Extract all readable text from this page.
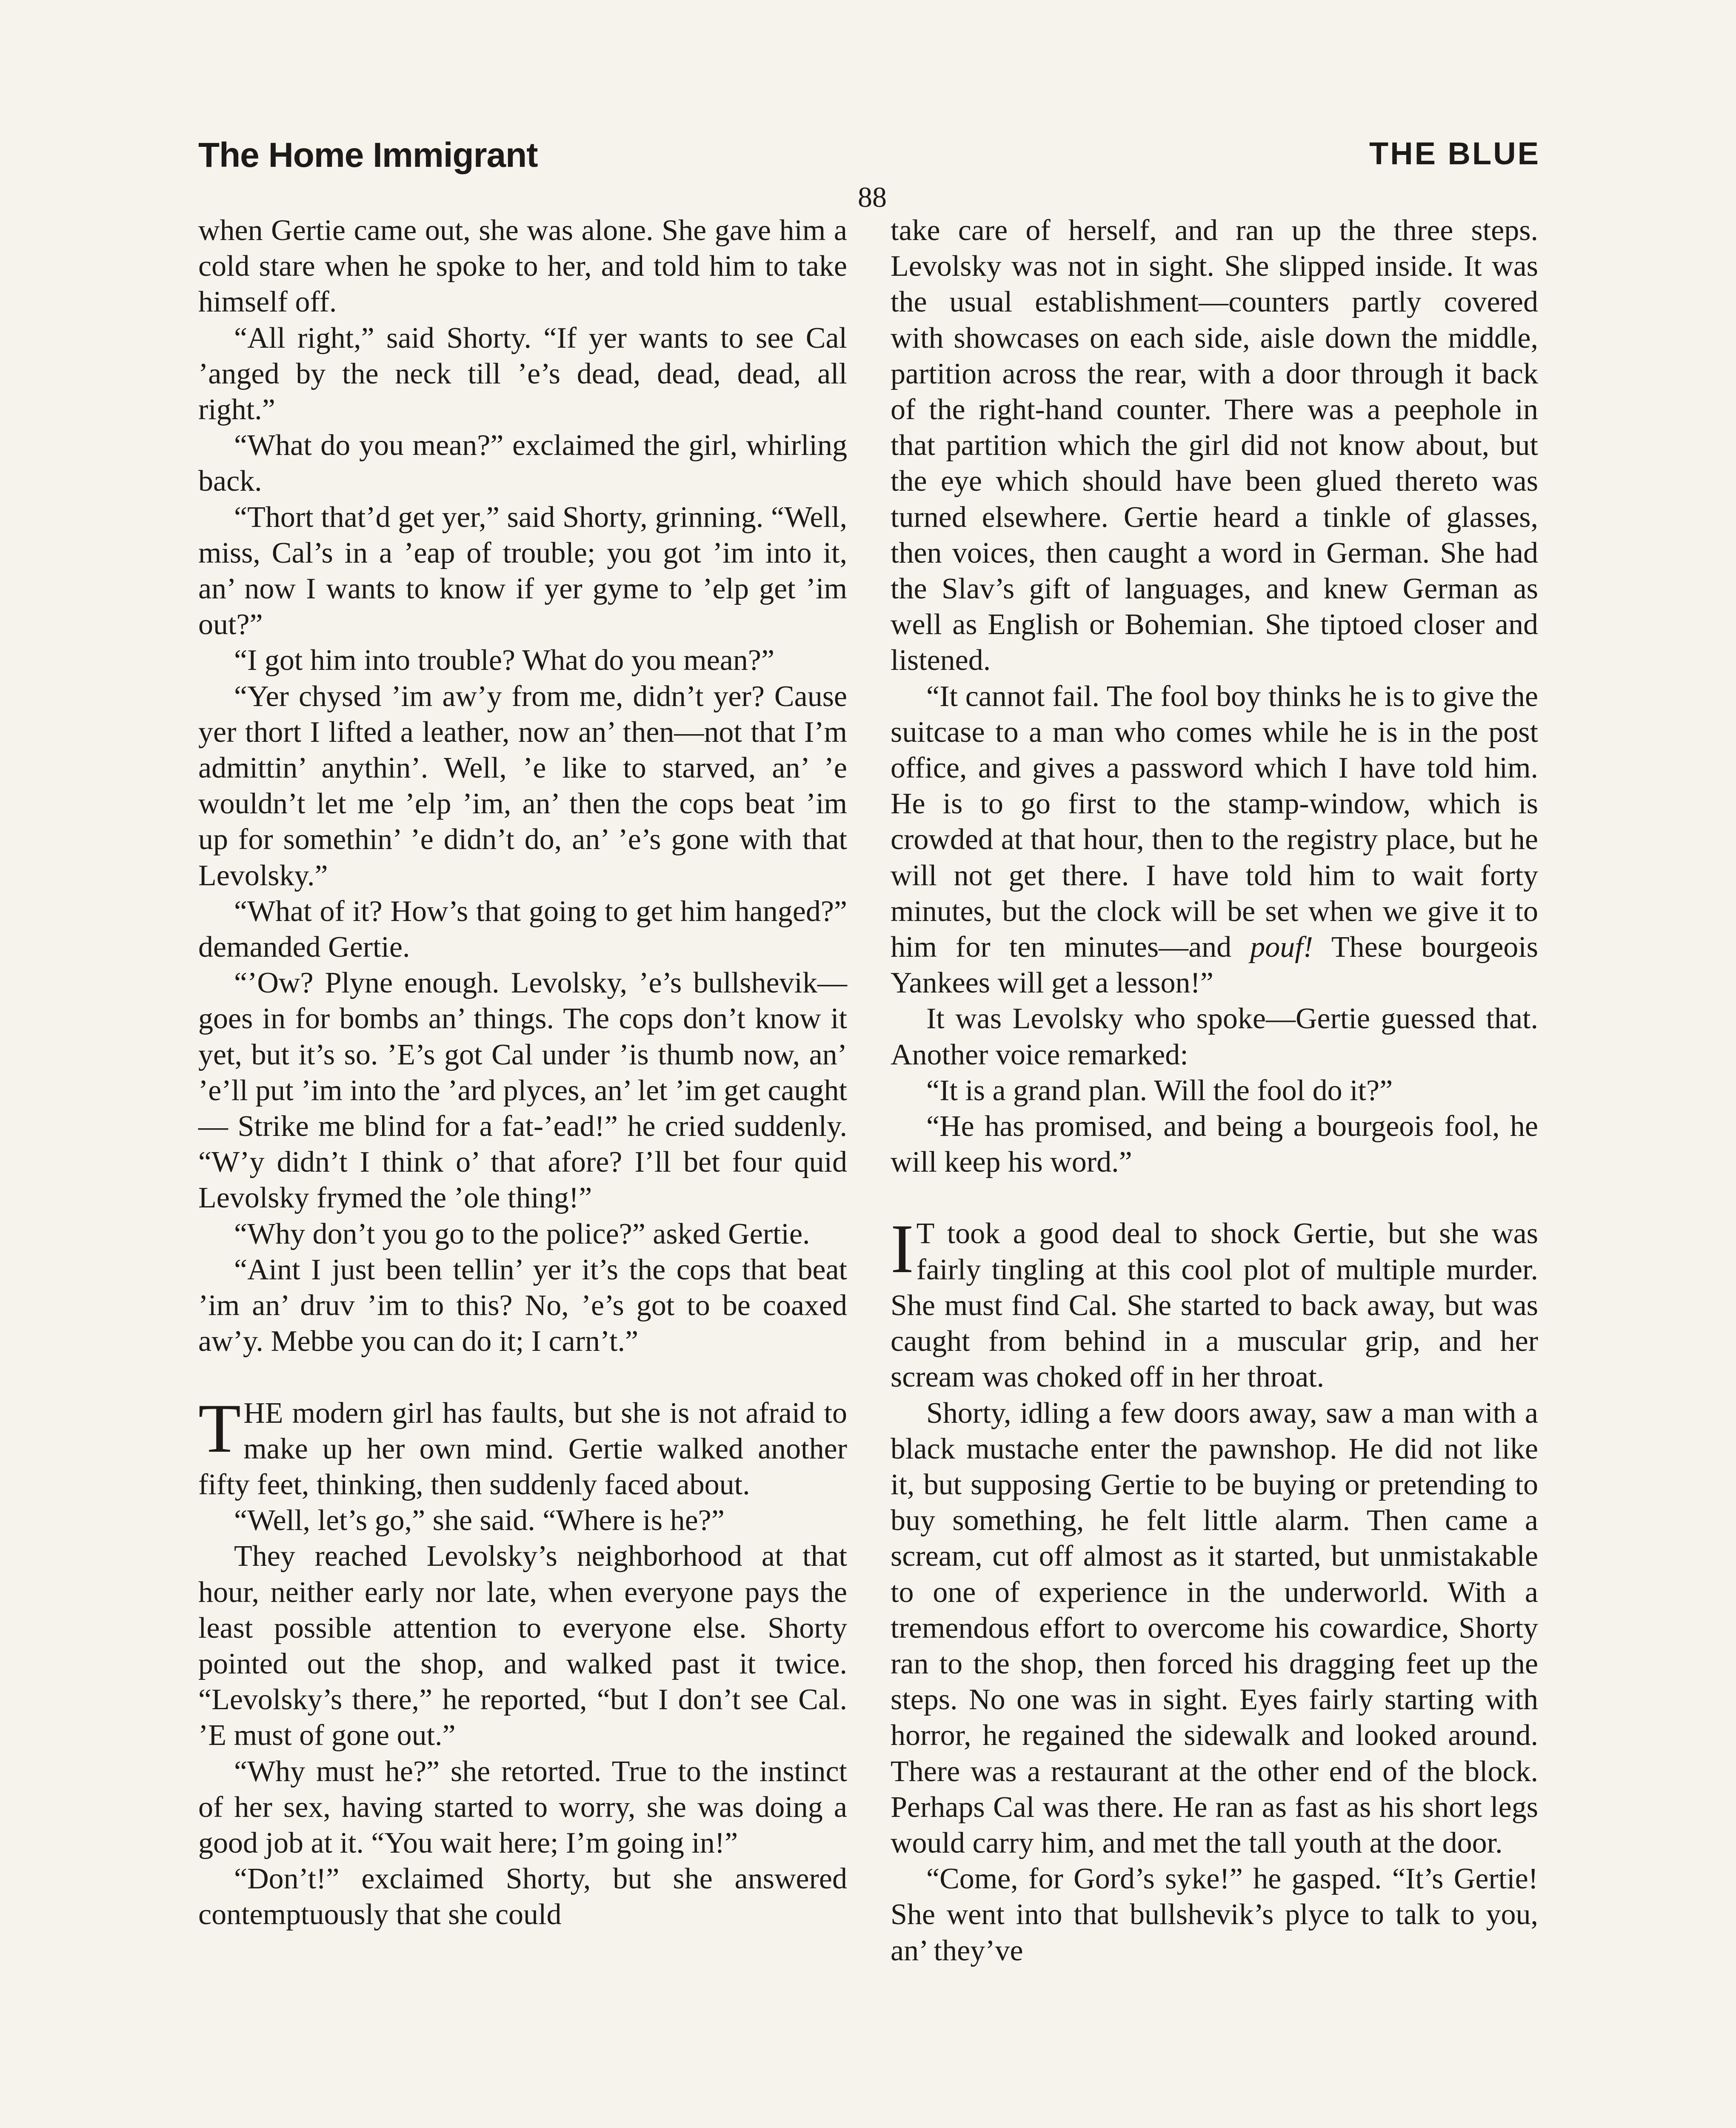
The Home Immigrant	THE BLUE
88

when Gertie came out, she was alone. She gave him a cold stare when he spoke to her, and told him to take himself off.

“All right,” said Shorty. “If yer wants to see Cal ’anged by the neck till ’e’s dead, dead, dead, all right.”

“What do you mean?” exclaimed the girl, whirling back.

“Thort that’d get yer,” said Shorty, grinning. “Well, miss, Cal’s in a ’eap of trouble; you got ’im into it, an’ now I wants to know if yer gyme to ’elp get ’im out?”

“I got him into trouble? What do you mean?”

“Yer chysed ’im aw’y from me, didn’t yer? Cause yer thort I lifted a leather, now an’ then—not that I’m admittin’ anythin’. Well, ’e like to starved, an’ ’e wouldn’t let me ’elp ’im, an’ then the cops beat ’im up for somethin’ ’e didn’t do, an’ ’e’s gone with that Levolsky.”

“What of it? How’s that going to get him hanged?” demanded Gertie.

“’Ow? Plyne enough. Levolsky, ’e’s bullshevik—goes in for bombs an’ things. The cops don’t know it yet, but it’s so. ’E’s got Cal under ’is thumb now, an’ ’e’ll put ’im into the ’ard plyces, an’ let ’im get caught— Strike me blind for a fat-’ead!” he cried suddenly. “W’y didn’t I think o’ that afore? I’ll bet four quid Levolsky frymed the ’ole thing!”

“Why don’t you go to the police?” asked Gertie.

“Aint I just been tellin’ yer it’s the cops that beat ’im an’ druv ’im to this? No, ’e’s got to be coaxed aw’y. Mebbe you can do it; I carn’t.”

THE modern girl has faults, but she is not afraid to make up her own mind. Gertie walked another fifty feet, thinking, then suddenly faced about.

“Well, let’s go,” she said. “Where is he?”

They reached Levolsky’s neighborhood at that hour, neither early nor late, when everyone pays the least possible attention to everyone else. Shorty pointed out the shop, and walked past it twice. “Levolsky’s there,” he reported, “but I don’t see Cal. ’E must of gone out.”

“Why must he?” she retorted. True to the instinct of her sex, having started to worry, she was doing a good job at it. “You wait here; I’m going in!”

“Don’t!” exclaimed Shorty, but she answered contemptuously that she could

take care of herself, and ran up the three steps. Levolsky was not in sight. She slipped inside. It was the usual establishment—counters partly covered with showcases on each side, aisle down the middle, partition across the rear, with a door through it back of the right-hand counter. There was a peephole in that partition which the girl did not know about, but the eye which should have been glued thereto was turned elsewhere. Gertie heard a tinkle of glasses, then voices, then caught a word in German. She had the Slav’s gift of languages, and knew German as well as English or Bohemian. She tiptoed closer and listened.

“It cannot fail. The fool boy thinks he is to give the suitcase to a man who comes while he is in the post office, and gives a password which I have told him. He is to go first to the stamp-window, which is crowded at that hour, then to the registry place, but he will not get there. I have told him to wait forty minutes, but the clock will be set when we give it to him for ten minutes—and pouf! These bourgeois Yankees will get a lesson!”

It was Levolsky who spoke—Gertie guessed that. Another voice remarked:

“It is a grand plan. Will the fool do it?”

“He has promised, and being a bourgeois fool, he will keep his word.”

I T took a good deal to shock Gertie, but she was fairly tingling at this cool plot of multiple murder. She must find Cal. She started to back away, but was caught from behind in a muscular grip, and her scream was choked off in her throat.

Shorty, idling a few doors away, saw a man with a black mustache enter the pawnshop. He did not like it, but supposing Gertie to be buying or pretending to buy something, he felt little alarm. Then came a scream, cut off almost as it started, but unmistakable to one of experience in the underworld. With a tremendous effort to overcome his cowardice, Shorty ran to the shop, then forced his dragging feet up the steps. No one was in sight. Eyes fairly starting with horror, he regained the sidewalk and looked around. There was a restaurant at the other end of the block. Perhaps Cal was there. He ran as fast as his short legs would carry him, and met the tall youth at the door.

“Come, for Gord’s syke!” he gasped. “It’s Gertie! She went into that bullshevik’s plyce to talk to you, an’ they’ve
